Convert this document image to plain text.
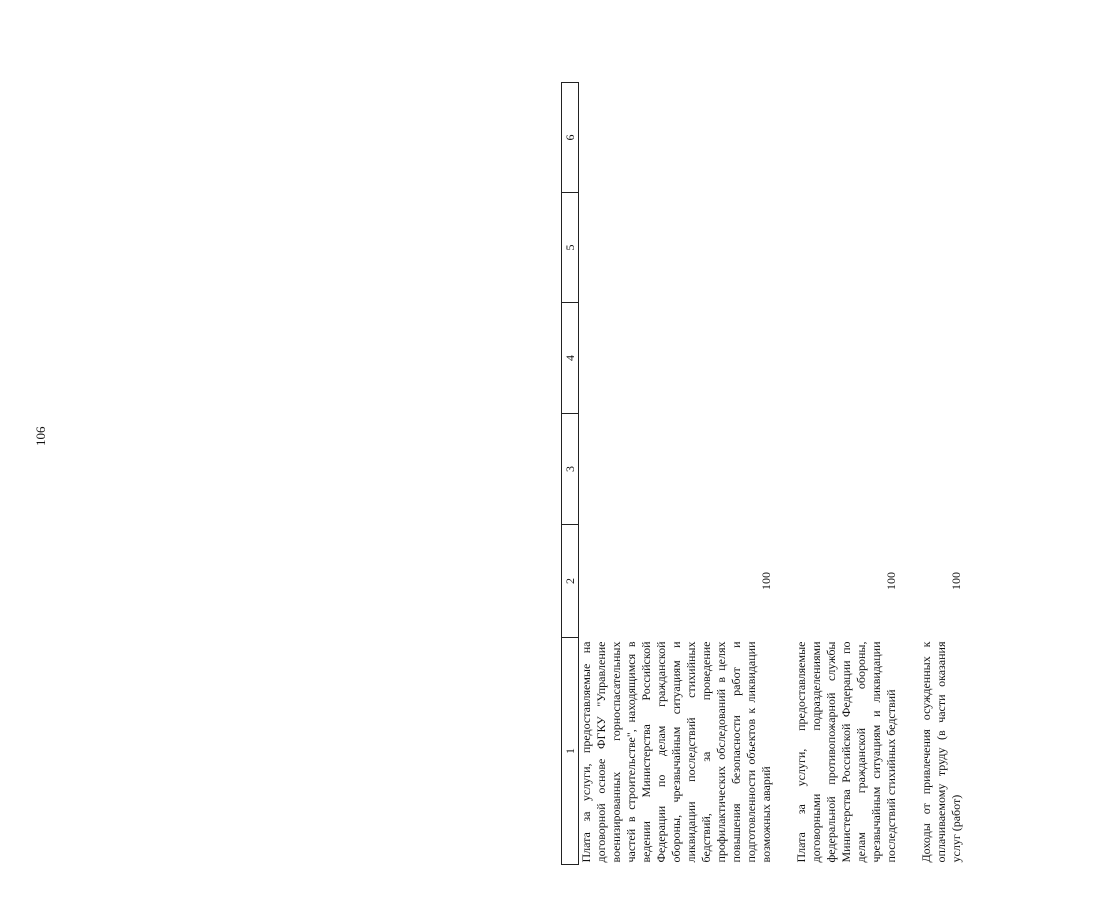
106
1	2	3	4	5	6
Плата за услуги, предоставляемые на договорной основе ФГКУ "Управление военизированных горноспасательных частей в строительстве", находящимся в ведении Министерства Российской Федерации по делам гражданской обороны, чрезвычайным ситуациям и ликвидации последствий стихийных бедствий, за проведение профилактических обследований в целях повышения безопасности работ и подготовленности объектов к ликвидации возможных аварий	100				

Плата за услуги, предоставляемые договорными подразделениями федеральной противопожарной службы Министерства Российской Федерации по делам гражданской обороны, чрезвычайным ситуациям и ликвидации последствий стихийных бедствий	100				

Доходы от привлечения осужденных к оплачиваемому труду (в части оказания услуг (работ)	100				
